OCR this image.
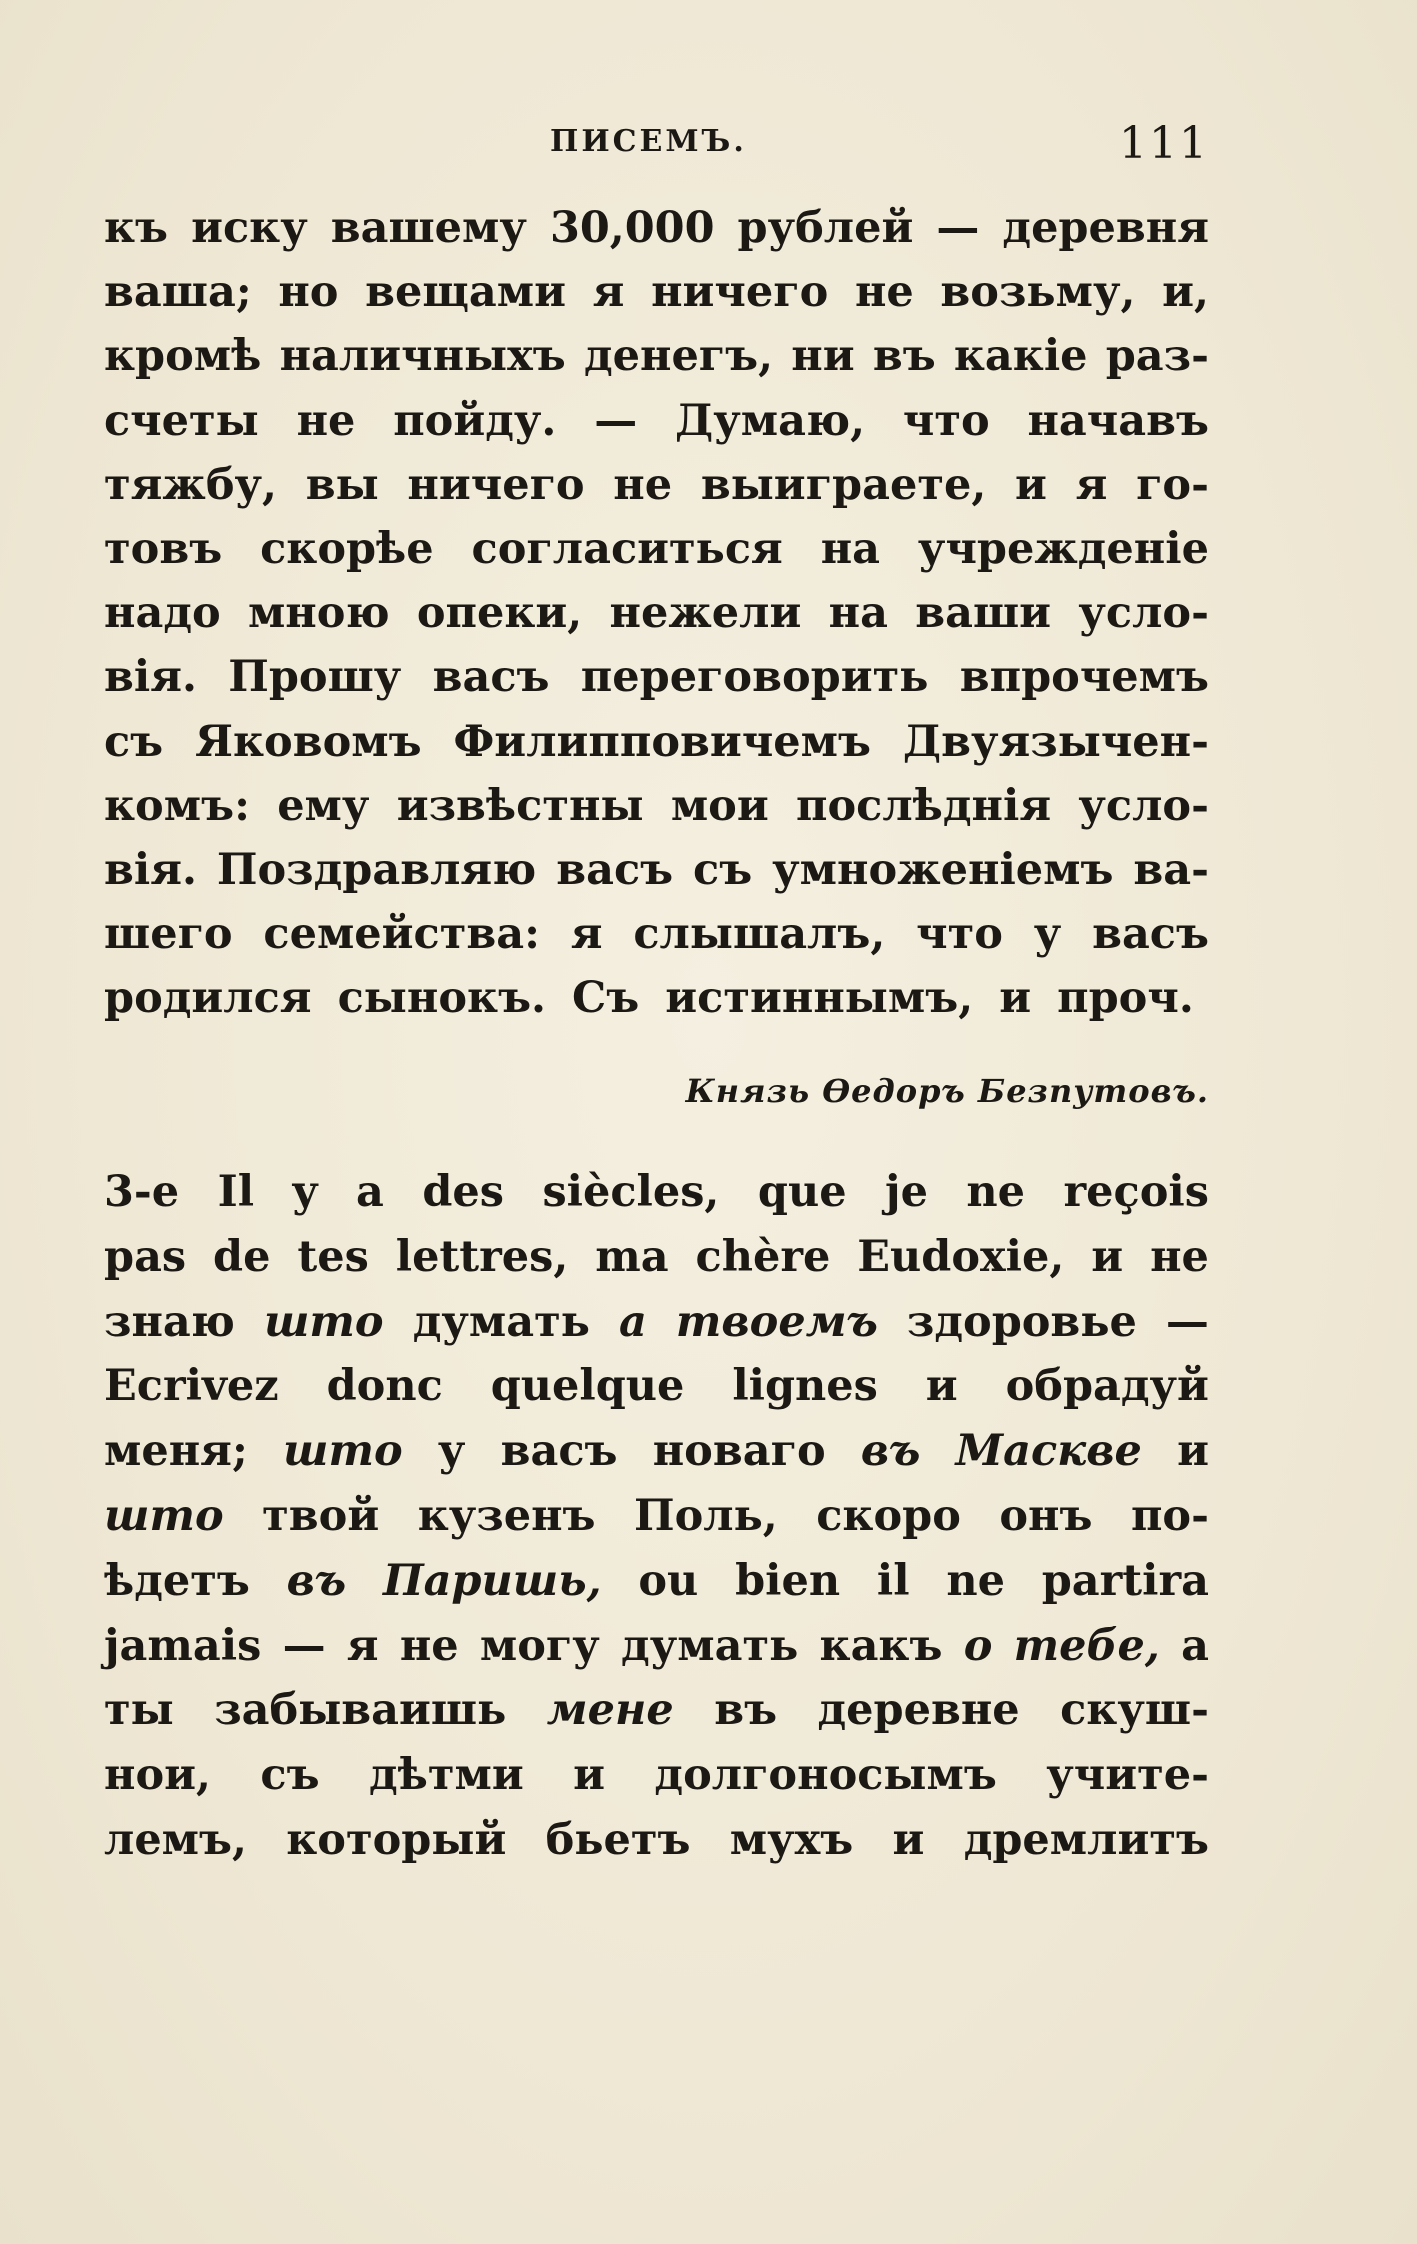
ПИСЕМЪ.	111
къ иску вашему 30,000 рублей — деревня
ваша; но вещами я ничего не возьму, и,
кромѣ наличныхъ денегъ, ни въ какіе раз-
счеты не пойду. — Думаю, что начавъ
тяжбу, вы ничего не выиграете, и я го-
товъ скорѣе согласиться на учрежденіе
надо мною опеки, нежели на ваши усло-
вія. Прошу васъ переговорить впрочемъ
съ Яковомъ Филипповичемъ Двуязычен-
комъ: ему извѣстны мои послѣднія усло-
вія. Поздравляю васъ съ умноженіемъ ва-
шего семейства: я слышалъ, что у васъ
родился сынокъ. Съ истиннымъ, и проч.
Князь Ѳедоръ Безпутовъ.
3-е Il y a des siècles, que je ne reçois
pas de tes lettres, ma chère Eudoxie, и не
знаю што думать а твоемъ здоровье —
Ecrivez donc quelque lignes и обрадуй
меня; што у васъ новаго въ Маскве и
што твой кузенъ Поль, скоро онъ по-
ѣдетъ въ Паришь, ou bien il ne partira
jamais — я не могу думать какъ о тебе, а
ты забываишь мене въ деревне скуш-
нои, съ дѣтми и долгоносымъ учите-
лемъ, который бьетъ мухъ и дремлитъ
